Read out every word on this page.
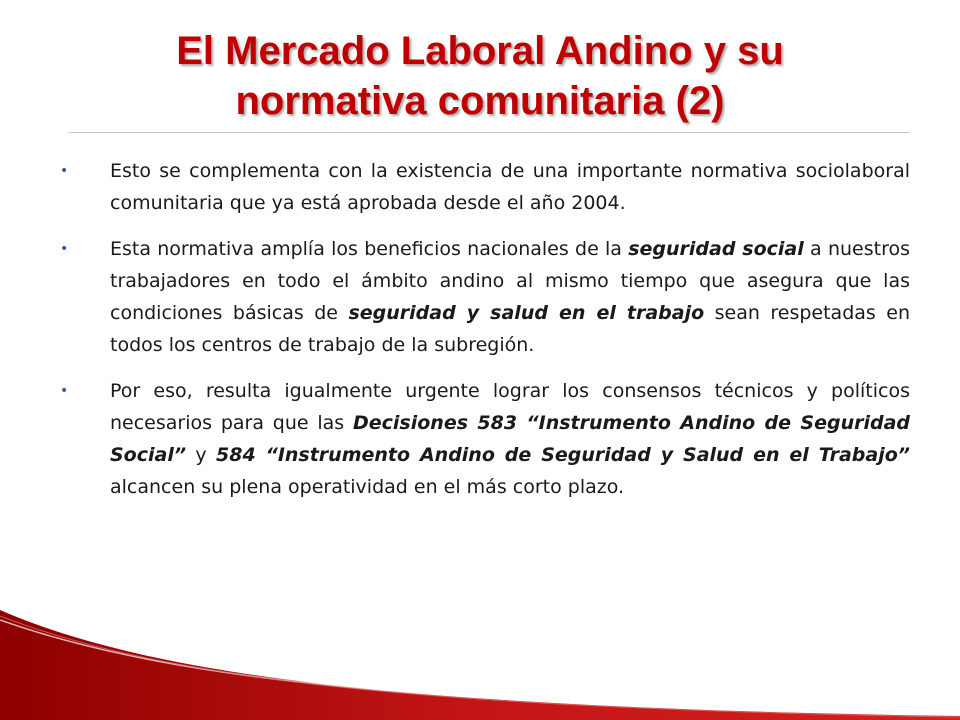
El Mercado Laboral Andino y su
normativa comunitaria (2)
•	Esto se complementa con la existencia de una importante normativa sociolaboral comunitaria que ya está aprobada desde el año 2004.
•	Esta normativa amplía los beneficios nacionales de la seguridad social a nuestros trabajadores en todo el ámbito andino al mismo tiempo que asegura que las condiciones básicas de seguridad y salud en el trabajo sean respetadas en todos los centros de trabajo de la subregión.
•	Por eso, resulta igualmente urgente lograr los consensos técnicos y políticos necesarios para que las Decisiones 583 “Instrumento Andino de Seguridad Social” y 584 “Instrumento Andino de Seguridad y Salud en el Trabajo” alcancen su plena operatividad en el más corto plazo.
